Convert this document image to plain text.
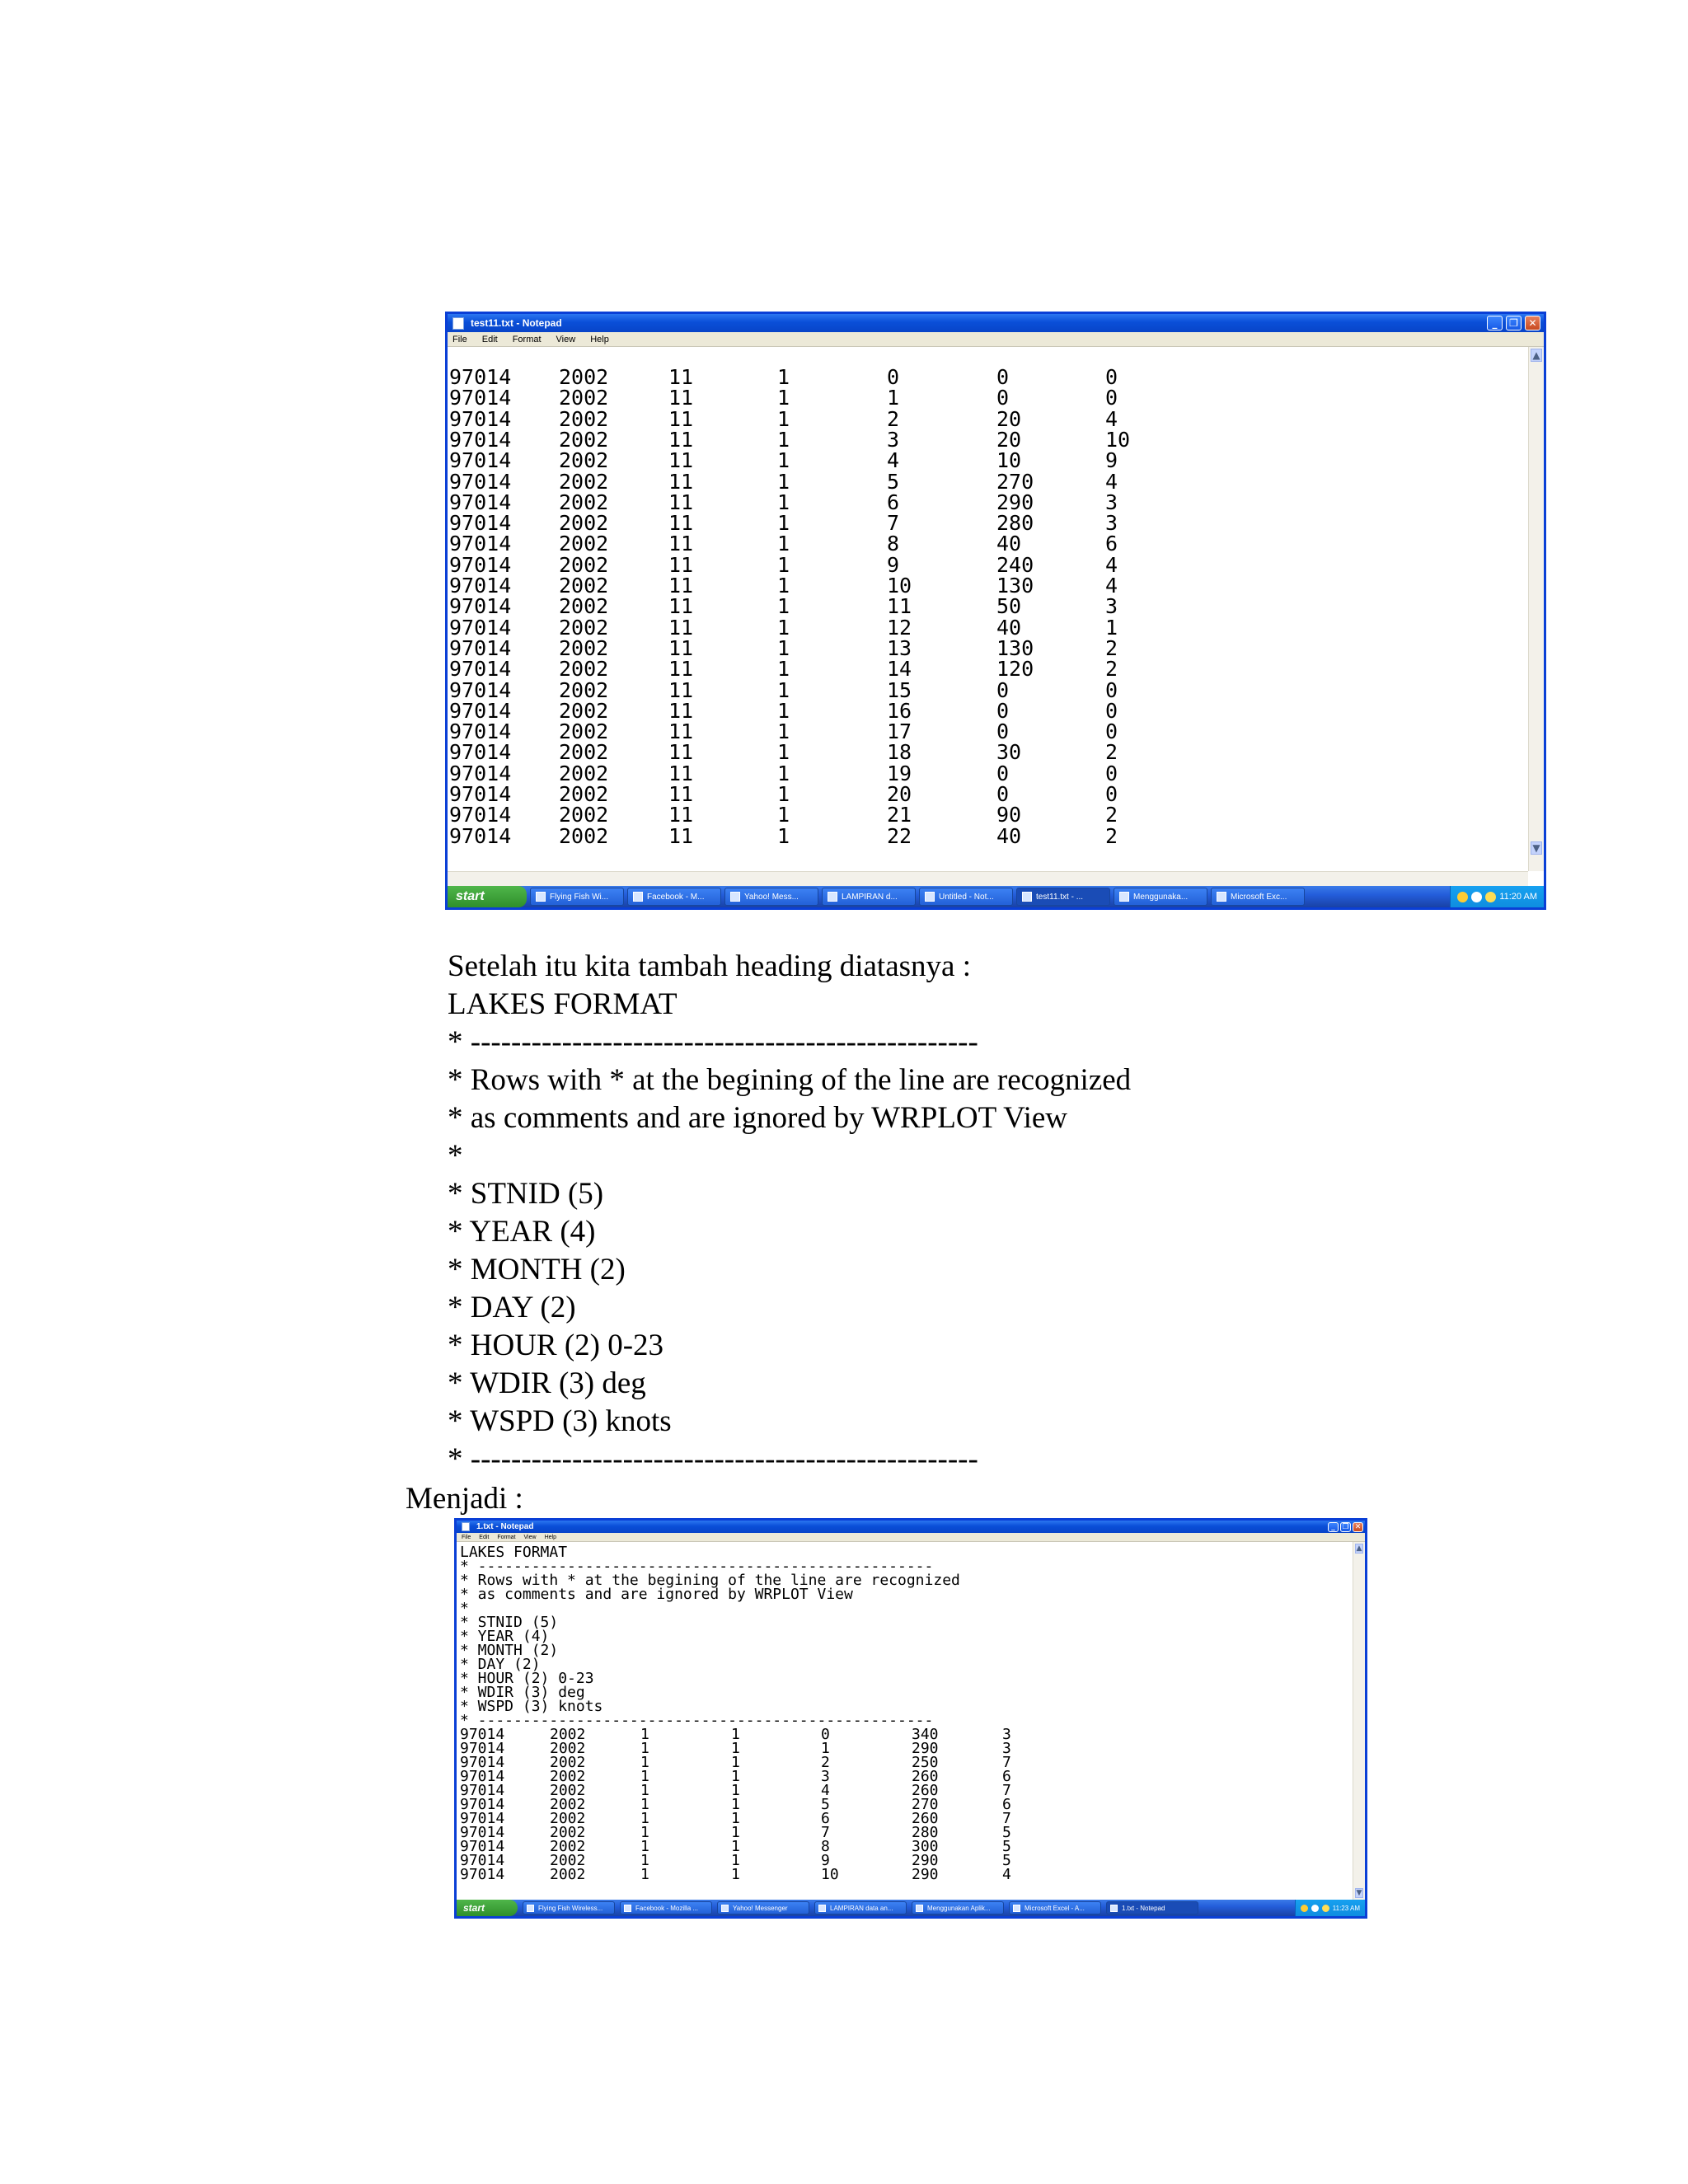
test11.txt - Notepad	_	❐	✕
File Edit Format View Help
97014 2002	11	1	0	0	0
97014 2002	11	1	1	0	0
97014 2002	11	1	2	20	4
97014 2002	11	1	3	20	10
97014 2002	11	1	4	10	9
97014 2002	11	1	5	270	4
97014 2002	11	1	6	290	3
97014 2002	11	1	7	280	3
97014 2002	11	1	8	40	6
97014 2002	11	1	9	240	4
97014 2002	11	1	10	130	4
97014 2002	11	1	11	50	3
97014 2002	11	1	12	40	1
97014 2002	11	1	13	130	2
97014 2002	11	1	14	120	2
97014 2002	11	1	15	0	0
97014 2002	11	1	16	0	0
97014 2002	11	1	17	0	0
97014 2002	11	1	18	30	2
97014 2002	11	1	19	0	0
97014 2002	11	1	20	0	0
97014 2002	11	1	21	90	2
97014 2002	11	1	22	40	2
▲
▼
start	Flying Fish Wi...	Facebook - M...	Yahoo! Mess...	LAMPIRAN d...	Untitled - Not...	test11.txt - ...	Menggunaka...	Microsoft Exc...	11:20 AM
Setelah itu kita tambah heading diatasnya :
LAKES FORMAT
* --------------------------------------------------
* Rows with * at the begining of the line are recognized
* as comments and are ignored by WRPLOT View
*
* STNID (5)
* YEAR (4)
* MONTH (2)
* DAY (2)
* HOUR (2) 0-23
* WDIR (3) deg
* WSPD (3) knots
* --------------------------------------------------
Menjadi :
1.txt - Notepad	_ ❐ ✕
File Edit Format View Help
LAKES FORMAT
* ---------------------------------------------------
* Rows with * at the begining of the line are recognized
* as comments and are ignored by WRPLOT View
*
* STNID (5)
* YEAR (4)
* MONTH (2)
* DAY (2)
* HOUR (2) 0-23
* WDIR (3) deg
* WSPD (3) knots
* ---------------------------------------------------
97014	2002	1	1	0	340	3
97014	2002	1	1	1	290	3
97014	2002	1	1	2	250	7
97014	2002	1	1	3	260	6
97014	2002	1	1	4	260	7
97014	2002	1	1	5	270	6
97014	2002	1	1	6	260	7
97014	2002	1	1	7	280	5
97014	2002	1	1	8	300	5
97014	2002	1	1	9	290	5
97014	2002	1	1	10	290	4
▲
▼
start	Flying Fish Wireless...	Facebook - Mozilla ...	Yahoo! Messenger	LAMPIRAN data an...	Menggunakan Aplik...	Microsoft Excel - A...	1.txt - Notepad	11:23 AM
